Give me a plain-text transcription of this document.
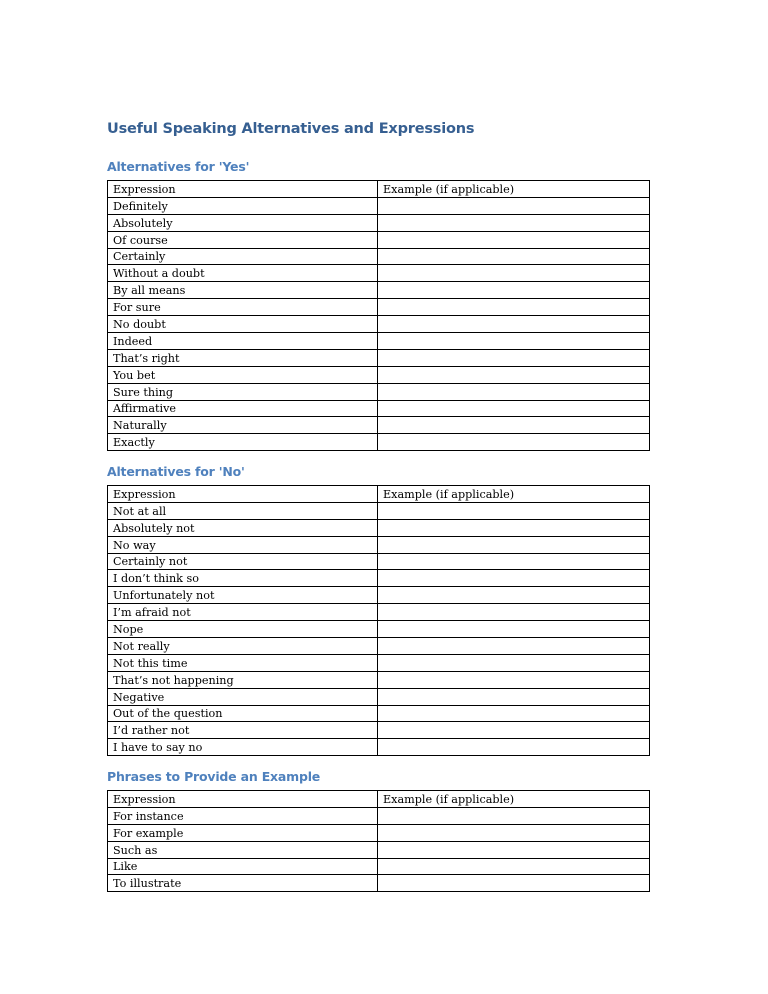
Useful Speaking Alternatives and Expressions
Alternatives for 'Yes'
Expression	Example (if applicable)
Definitely	
Absolutely	
Of course	
Certainly	
Without a doubt	
By all means	
For sure	
No doubt	
Indeed	
That’s right	
You bet	
Sure thing	
Affirmative	
Naturally	
Exactly	
Alternatives for 'No'
Expression	Example (if applicable)
Not at all	
Absolutely not	
No way	
Certainly not	
I don’t think so	
Unfortunately not	
I’m afraid not	
Nope	
Not really	
Not this time	
That’s not happening	
Negative	
Out of the question	
I’d rather not	
I have to say no	
Phrases to Provide an Example
Expression	Example (if applicable)
For instance	
For example	
Such as	
Like	
To illustrate	
